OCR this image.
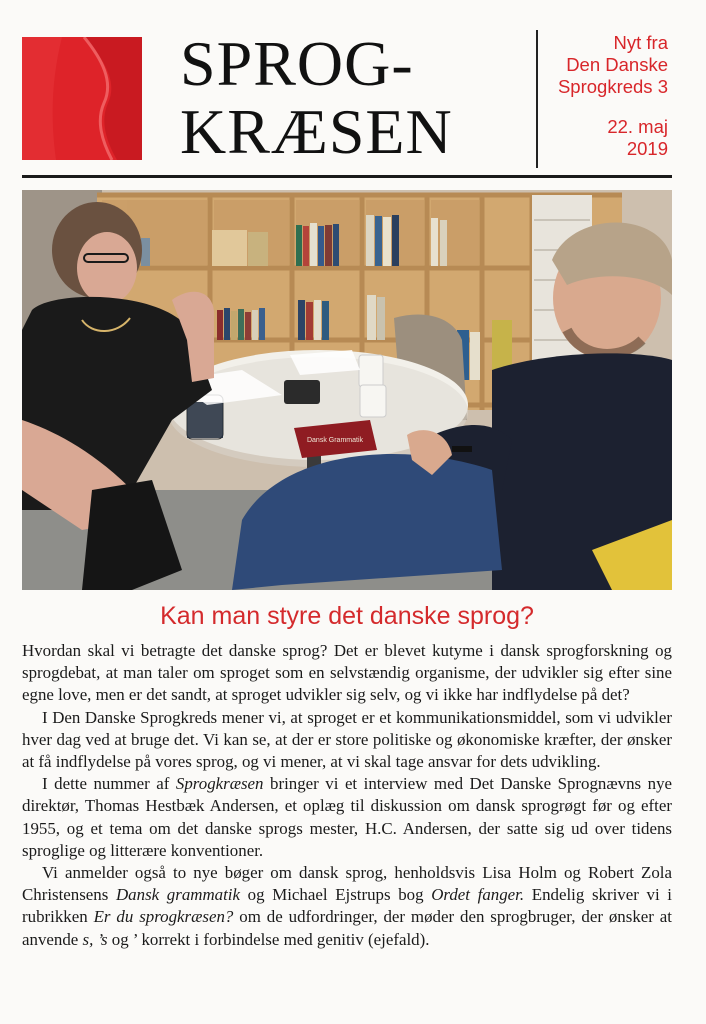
SPROG-
KRÆSEN
Nyt fra
Den Danske
Sprogkreds 3
22. maj
2019
Dansk Grammatik
Kan man styre det danske sprog?

Hvordan skal vi betragte det danske sprog? Det er blevet kutyme i dansk sprogforskning og sprogdebat, at man taler om sproget som en selvstændig organisme, der udvikler sig efter sine egne love, men er det sandt, at sproget udvikler sig selv, og vi ikke har indflydelse på det?

I Den Danske Sprogkreds mener vi, at sproget er et kommunikationsmiddel, som vi udvikler hver dag ved at bruge det. Vi kan se, at der er store politiske og økonomiske kræfter, der ønsker at få indflydelse på vores sprog, og vi mener, at vi skal tage ansvar for dets udvikling.

I dette nummer af Sprogkræsen bringer vi et interview med Det Danske Sprognævns nye direktør, Thomas Hestbæk Andersen, et oplæg til diskussion om dansk sprogrøgt før og efter 1955, og et tema om det danske sprogs mester, H.C. Andersen, der satte sig ud over tidens sproglige og litterære konventioner.

Vi anmelder også to nye bøger om dansk sprog, henholdsvis Lisa Holm og Robert Zola Christensens Dansk grammatik og Michael Ejstrups bog Ordet fanger. Endelig skriver vi i rubrikken Er du sprogkræsen? om de udfordringer, der møder den sprogbruger, der ønsker at anvende s, ’s og ’ korrekt i forbindelse med genitiv (ejefald).
